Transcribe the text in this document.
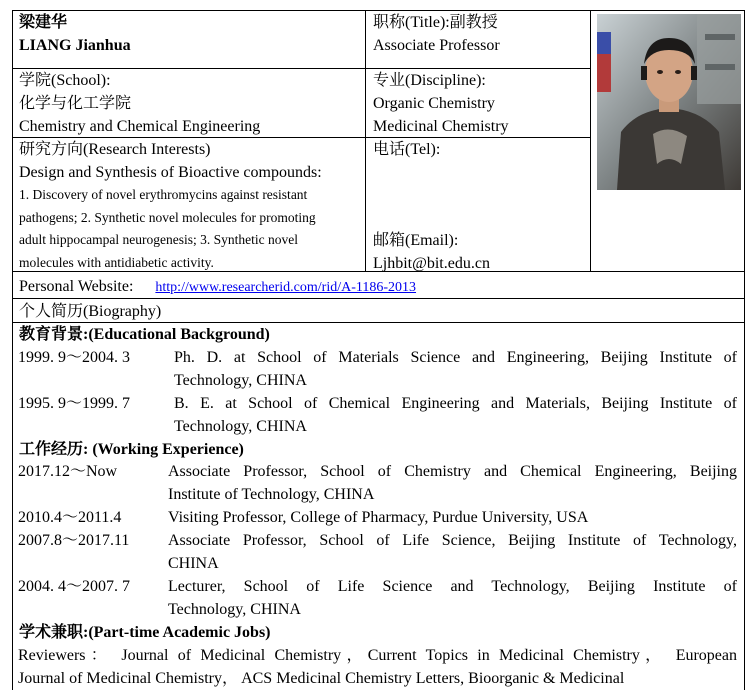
梁建华
LIANG Jianhua
职称(Title):副教授
Associate Professor
学院(School):
化学与化工学院
Chemistry and Chemical Engineering
专业(Discipline):
Organic Chemistry
Medicinal Chemistry
研究方向(Research Interests)
Design and Synthesis of Bioactive compounds:
1. Discovery of novel erythromycins against resistant
pathogens; 2. Synthetic novel molecules for promoting
adult hippocampal neurogenesis; 3. Synthetic novel
molecules with antidiabetic activity.
电话(Tel):
邮箱(Email):
Ljhbit@bit.edu.cn
Personal Website: http://www.researcherid.com/rid/A-1186-2013
个人简历(Biography)
教育背景:(Educational Background)
1999. 9～2004. 3	Ph. D. at School of Materials Science and Engineering, Beijing Institute of
Technology, CHINA
1995. 9～1999. 7	B. E. at School of Chemical Engineering and Materials, Beijing Institute of
Technology, CHINA
工作经历: (Working Experience)
2017.12～Now	Associate Professor, School of Chemistry and Chemical Engineering, Beijing
Institute of Technology, CHINA
2010.4～2011.4	Visiting Professor, College of Pharmacy, Purdue University, USA
2007.8～2017.11 Associate Professor, School of Life Science, Beijing Institute of Technology,
CHINA
2004. 4～2007. 7 Lecturer, School of Life Science and Technology, Beijing Institute of
Technology, CHINA
学术兼职:(Part-time Academic Jobs)
Reviewers： Journal of Medicinal Chemistry，Current Topics in Medicinal Chemistry， European
Journal of Medicinal Chemistry， ACS Medicinal Chemistry Letters, Bioorganic & Medicinal
